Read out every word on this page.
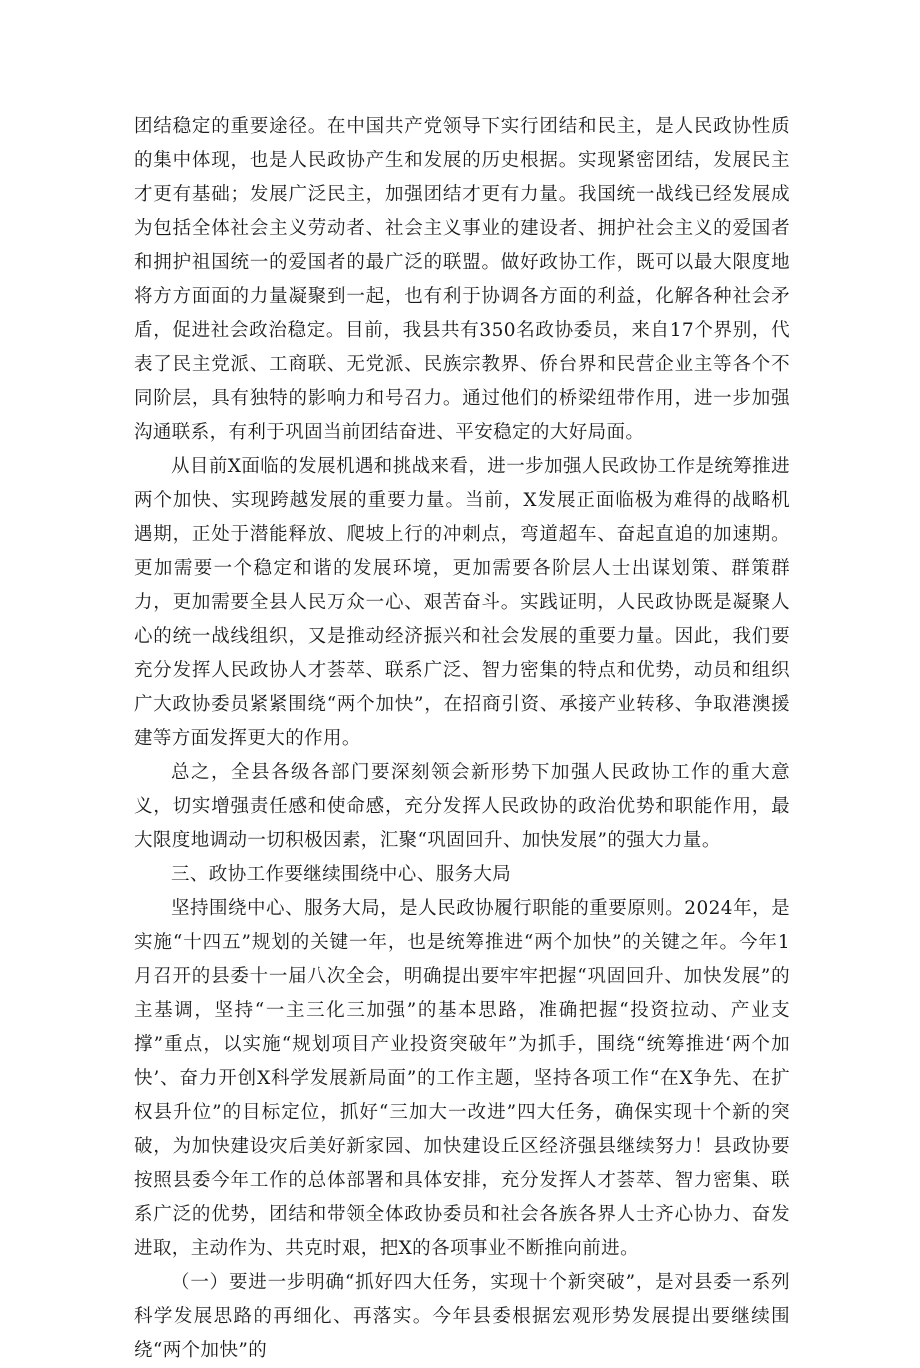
团结稳定的重要途径。在中国共产党领导下实行团结和民主，是人民政协性质的集中体现，也是人民政协产生和发展的历史根据。实现紧密团结，发展民主才更有基础；发展广泛民主，加强团结才更有力量。我国统一战线已经发展成为包括全体社会主义劳动者、社会主义事业的建设者、拥护社会主义的爱国者和拥护祖国统一的爱国者的最广泛的联盟。做好政协工作，既可以最大限度地将方方面面的力量凝聚到一起，也有利于协调各方面的利益，化解各种社会矛盾，促进社会政治稳定。目前，我县共有350名政协委员，来自17个界别，代表了民主党派、工商联、无党派、民族宗教界、侨台界和民营企业主等各个不同阶层，具有独特的影响力和号召力。通过他们的桥梁纽带作用，进一步加强沟通联系，有利于巩固当前团结奋进、平安稳定的大好局面。

从目前X面临的发展机遇和挑战来看，进一步加强人民政协工作是统筹推进两个加快、实现跨越发展的重要力量。当前，X发展正面临极为难得的战略机遇期，正处于潜能释放、爬坡上行的冲刺点，弯道超车、奋起直追的加速期。更加需要一个稳定和谐的发展环境，更加需要各阶层人士出谋划策、群策群力，更加需要全县人民万众一心、艰苦奋斗。实践证明，人民政协既是凝聚人心的统一战线组织，又是推动经济振兴和社会发展的重要力量。因此，我们要充分发挥人民政协人才荟萃、联系广泛、智力密集的特点和优势，动员和组织广大政协委员紧紧围绕“两个加快”，在招商引资、承接产业转移、争取港澳援建等方面发挥更大的作用。

总之，全县各级各部门要深刻领会新形势下加强人民政协工作的重大意义，切实增强责任感和使命感，充分发挥人民政协的政治优势和职能作用，最大限度地调动一切积极因素，汇聚“巩固回升、加快发展”的强大力量。

三、政协工作要继续围绕中心、服务大局

坚持围绕中心、服务大局，是人民政协履行职能的重要原则。2024年，是实施“十四五”规划的关键一年，也是统筹推进“两个加快”的关键之年。今年1月召开的县委十一届八次全会，明确提出要牢牢把握“巩固回升、加快发展”的主基调，坚持“一主三化三加强”的基本思路，准确把握“投资拉动、产业支撑”重点，以实施“规划项目产业投资突破年”为抓手，围绕“统筹推进‘两个加快’、奋力开创X科学发展新局面”的工作主题，坚持各项工作“在X争先、在扩权县升位”的目标定位，抓好“三加大一改进”四大任务，确保实现十个新的突破，为加快建设灾后美好新家园、加快建设丘区经济强县继续努力！县政协要按照县委今年工作的总体部署和具体安排，充分发挥人才荟萃、智力密集、联系广泛的优势，团结和带领全体政协委员和社会各族各界人士齐心协力、奋发进取，主动作为、共克时艰，把X的各项事业不断推向前进。

（一）要进一步明确“抓好四大任务，实现十个新突破”，是对县委一系列科学发展思路的再细化、再落实。今年县委根据宏观形势发展提出要继续围绕“两个加快”的
